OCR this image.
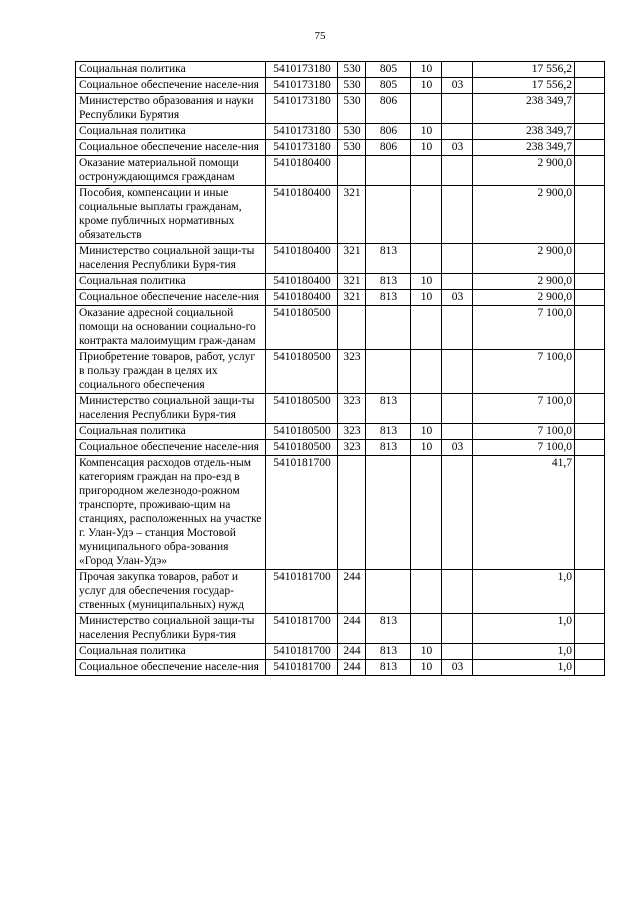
75
Социальная политика	5410173180	530	805	10		17 556,2	
Социальное обеспечение населе-ния	5410173180	530	805	10	03	17 556,2	
Министерство образования и науки Республики Бурятия	5410173180	530	806			238 349,7	
Социальная политика	5410173180	530	806	10		238 349,7	
Социальное обеспечение населе-ния	5410173180	530	806	10	03	238 349,7	
Оказание материальной помощи остронуждающимся гражданам	5410180400					2 900,0	
Пособия, компенсации и иные социальные выплаты гражданам, кроме публичных нормативных обязательств	5410180400	321				2 900,0	
Министерство социальной защи-ты населения Республики Буря-тия	5410180400	321	813			2 900,0	
Социальная политика	5410180400	321	813	10		2 900,0	
Социальное обеспечение населе-ния	5410180400	321	813	10	03	2 900,0	
Оказание адресной социальной помощи на основании социально-го контракта малоимущим граж-данам	5410180500					7 100,0	
Приобретение товаров, работ, услуг в пользу граждан в целях их социального обеспечения	5410180500	323				7 100,0	
Министерство социальной защи-ты населения Республики Буря-тия	5410180500	323	813			7 100,0	
Социальная политика	5410180500	323	813	10		7 100,0	
Социальное обеспечение населе-ния	5410180500	323	813	10	03	7 100,0	
Компенсация расходов отдель-ным категориям граждан на про-езд в пригородном железнодо-рожном транспорте, проживаю-щим на станциях, расположенных на участке г. Улан-Удэ – станция Мостовой муниципального обра-зования «Город Улан-Удэ»	5410181700					41,7	
Прочая закупка товаров, работ и услуг для обеспечения государ-ственных (муниципальных) нужд	5410181700	244				1,0	
Министерство социальной защи-ты населения Республики Буря-тия	5410181700	244	813			1,0	
Социальная политика	5410181700	244	813	10		1,0	
Социальное обеспечение населе-ния	5410181700	244	813	10	03	1,0	
